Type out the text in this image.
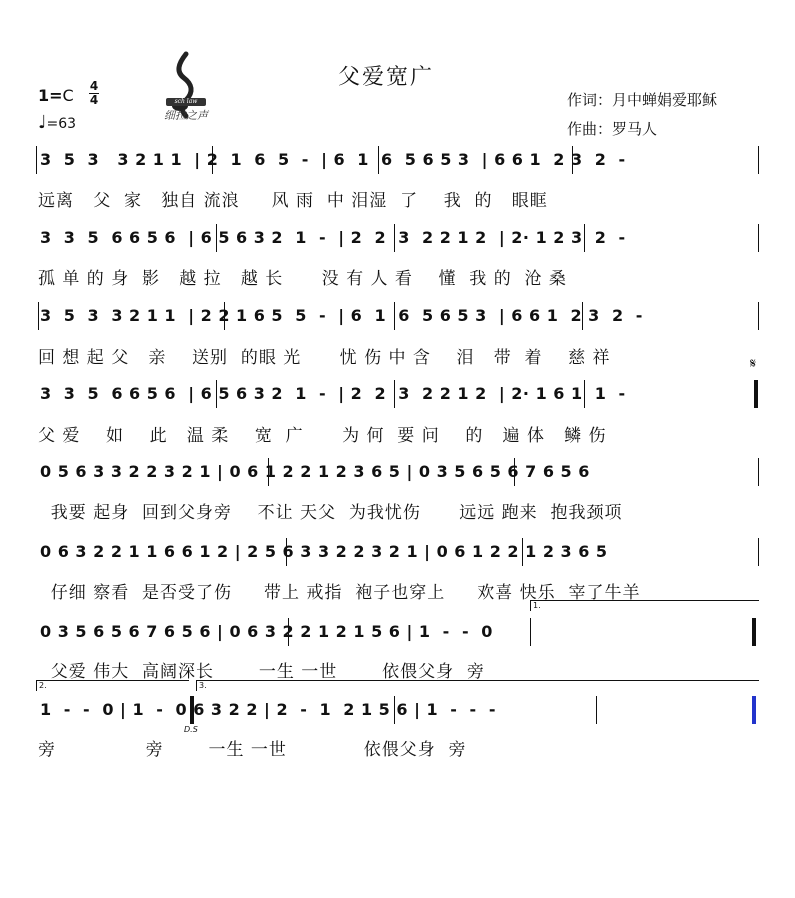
sch law
细拉之声
父爱宽广
作词：月中蝉娟爱耶稣
作曲：罗马人
1=C 4
4
♩=63
3  5  3   3 2 1 1  | 2  1  6  5  -  | 6  1  6  5 6 5 3  | 6 6 1  2 3  2  -
远离   父  家   独自 流浪     风 雨  中 泪湿  了    我  的   眼眶
3  3  5  6 6 5 6  | 6 5 6 3 2  1  -  | 2  2  3  2 2 1 2  | 2· 1 2 3  2  -
孤 单 的 身  影   越 拉   越 长      没 有 人 看    懂  我 的  沧 桑
3  5  3  3 2 1 1  | 2 2 1 6 5  5  -  | 6  1  6  5 6 5 3  | 6 6 1  2 3  2  -
回 想 起 父   亲    送别  的眼 光      忧 伤 中 含    泪   带  着    慈 祥	𝄋
3  3  5  6 6 5 6  | 6 5 6 3 2  1  -  | 2  2  3  2 2 1 2  | 2· 1 6 1  1  -
父 爱    如    此   温 柔    宽  广      为 何  要 问    的   遍 体   鳞 伤
0 5 6 3 3 2 2 3 2 1 | 0 6 1 2 2 1 2 3 6 5 | 0 3 5 6 5 6 7 6 5 6
我要 起身  回到父身旁    不让 天父  为我忧伤      远远 跑来  抱我颈项
0 6 3 2 2 1 1 6 6 1 2 | 2 5 6 3 3 2 2 3 2 1 | 0 6 1 2 2 1 2 3 6 5
仔细 察看  是否受了伤     带上 戒指  袍子也穿上     欢喜 快乐  宰了牛羊
1.
0 3 5 6 5 6 7 6 5 6 | 0 6 3 2 2 1 2 1 5 6 | 1  -  -  0
父爱 伟大  高阔深长       一生 一世       依偎父身  旁
2.	3.
1  -  -  0 | 1  -  0 6 3 2 2 | 2  -  1  2 1 5 6 | 1  -  -  -
D.S
旁              旁       一生 一世            依偎父身  旁
